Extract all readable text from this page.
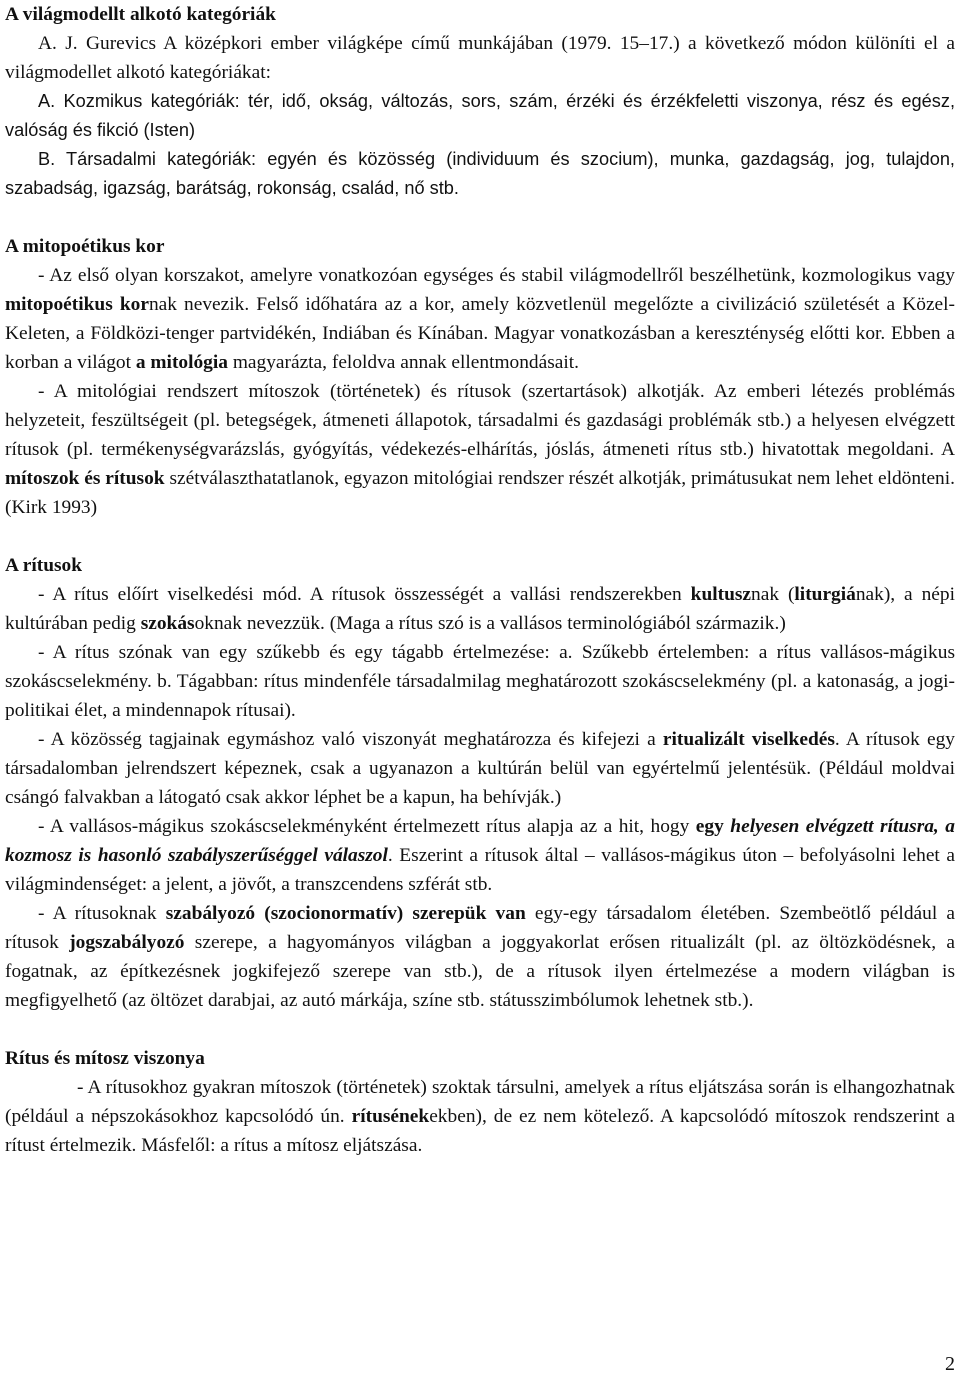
A világmodellt alkotó kategóriák

A. J. Gurevics A középkori ember világképe című munkájában (1979. 15–17.) a következő módon különíti el a világmodellet alkotó kategóriákat:

A. Kozmikus kategóriák: tér, idő, okság, változás, sors, szám, érzéki és érzékfeletti viszonya, rész és egész, valóság és fikció (Isten)

B. Társadalmi kategóriák: egyén és közösség (individuum és szocium), munka, gazdagság, jog, tulajdon, szabadság, igazság, barátság, rokonság, család, nő stb.

A mitopoétikus kor

- Az első olyan korszakot, amelyre vonatkozóan egységes és stabil világmodellről beszélhetünk, kozmologikus vagy mitopoétikus kornak nevezik. Felső időhatára az a kor, amely közvetlenül megelőzte a civilizáció születését a Közel-Keleten, a Földközi-tenger partvidékén, Indiában és Kínában. Magyar vonatkozásban a kereszténység előtti kor. Ebben a korban a világot a mitológia magyarázta, feloldva annak ellentmondásait.

- A mitológiai rendszert mítoszok (történetek) és rítusok (szertartások) alkotják. Az emberi létezés problémás helyzeteit, feszültségeit (pl. betegségek, átmeneti állapotok, társadalmi és gazdasági problémák stb.) a helyesen elvégzett rítusok (pl. termékenységvarázslás, gyógyítás, védekezés-elhárítás, jóslás, átmeneti rítus stb.) hivatottak megoldani. A mítoszok és rítusok szétválaszthatatlanok, egyazon mitológiai rendszer részét alkotják, primátusukat nem lehet eldönteni. (Kirk 1993)

A rítusok

- A rítus előírt viselkedési mód. A rítusok összességét a vallási rendszerekben kultusznak (liturgiának), a népi kultúrában pedig szokásoknak nevezzük. (Maga a rítus szó is a vallásos terminológiából származik.)

- A rítus szónak van egy szűkebb és egy tágabb értelmezése: a. Szűkebb értelemben: a rítus vallásos-mágikus szokáscselekmény. b. Tágabban: rítus mindenféle társadalmilag meghatározott szokáscselekmény (pl. a katonaság, a jogi-politikai élet, a mindennapok rítusai).

- A közösség tagjainak egymáshoz való viszonyát meghatározza és kifejezi a ritualizált viselkedés. A rítusok egy társadalomban jelrendszert képeznek, csak a ugyanazon a kultúrán belül van egyértelmű jelentésük. (Például moldvai csángó falvakban a látogató csak akkor léphet be a kapun, ha behívják.)

- A vallásos-mágikus szokáscselekményként értelmezett rítus alapja az a hit, hogy egy helyesen elvégzett rítusra, a kozmosz is hasonló szabályszerűséggel válaszol. Eszerint a rítusok által – vallásos-mágikus úton – befolyásolni lehet a világmindenséget: a jelent, a jövőt, a transzcendens szférát stb.

- A rítusoknak szabályozó (szocionormatív) szerepük van egy-egy társadalom életében. Szembeötlő például a rítusok jogszabályozó szerepe, a hagyományos világban a joggyakorlat erősen ritualizált (pl. az öltözködésnek, a fogatnak, az építkezésnek jogkifejező szerepe van stb.), de a rítusok ilyen értelmezése a modern világban is megfigyelhető (az öltözet darabjai, az autó márkája, színe stb. státusszimbólumok lehetnek stb.).

Rítus és mítosz viszonya

- A rítusokhoz gyakran mítoszok (történetek) szoktak társulni, amelyek a rítus eljátszása során is elhangozhatnak (például a népszokásokhoz kapcsolódó ún. rítusénekekben), de ez nem kötelező. A kapcsolódó mítoszok rendszerint a rítust értelmezik. Másfelől: a rítus a mítosz eljátszása.

2
